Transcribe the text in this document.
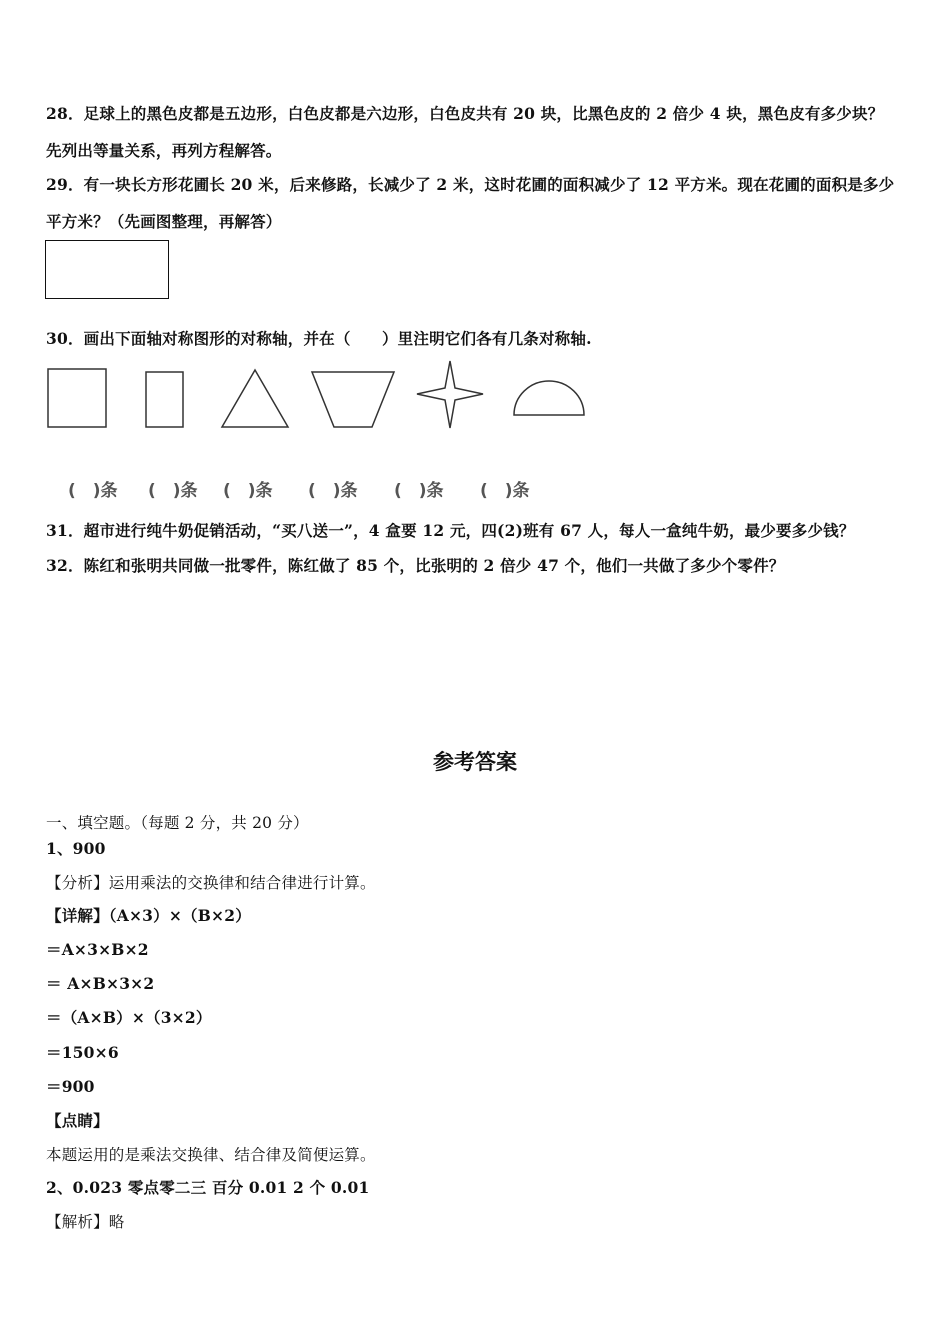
28．足球上的黑色皮都是五边形，白色皮都是六边形，白色皮共有 20 块，比黑色皮的 2 倍少 4 块，黑色皮有多少块？
先列出等量关系，再列方程解答。
29．有一块长方形花圃长 20 米，后来修路，长减少了 2 米，这时花圃的面积减少了 12 平方米。现在花圃的面积是多少
平方米？（先画图整理，再解答）
30．画出下面轴对称图形的对称轴，并在（　　）里注明它们各有几条对称轴.
(　)条 (　)条 (　)条 (　)条 (　)条 (　)条
31．超市进行纯牛奶促销活动，“买八送一”，4 盒要 12 元，四(2)班有 67 人，每人一盒纯牛奶，最少要多少钱？
32．陈红和张明共同做一批零件，陈红做了 85 个，比张明的 2 倍少 47 个，他们一共做了多少个零件？
参考答案
一、填空题。（每题 2 分，共 20 分）
1、900
【分析】运用乘法的交换律和结合律进行计算。
【详解】（A×3）×（B×2）
＝A×3×B×2
＝ A×B×3×2
＝（A×B）×（3×2）
＝150×6
＝900
【点睛】
本题运用的是乘法交换律、结合律及简便运算。
2、0.023 零点零二三 百分 0.01 2 个 0.01
【解析】略
